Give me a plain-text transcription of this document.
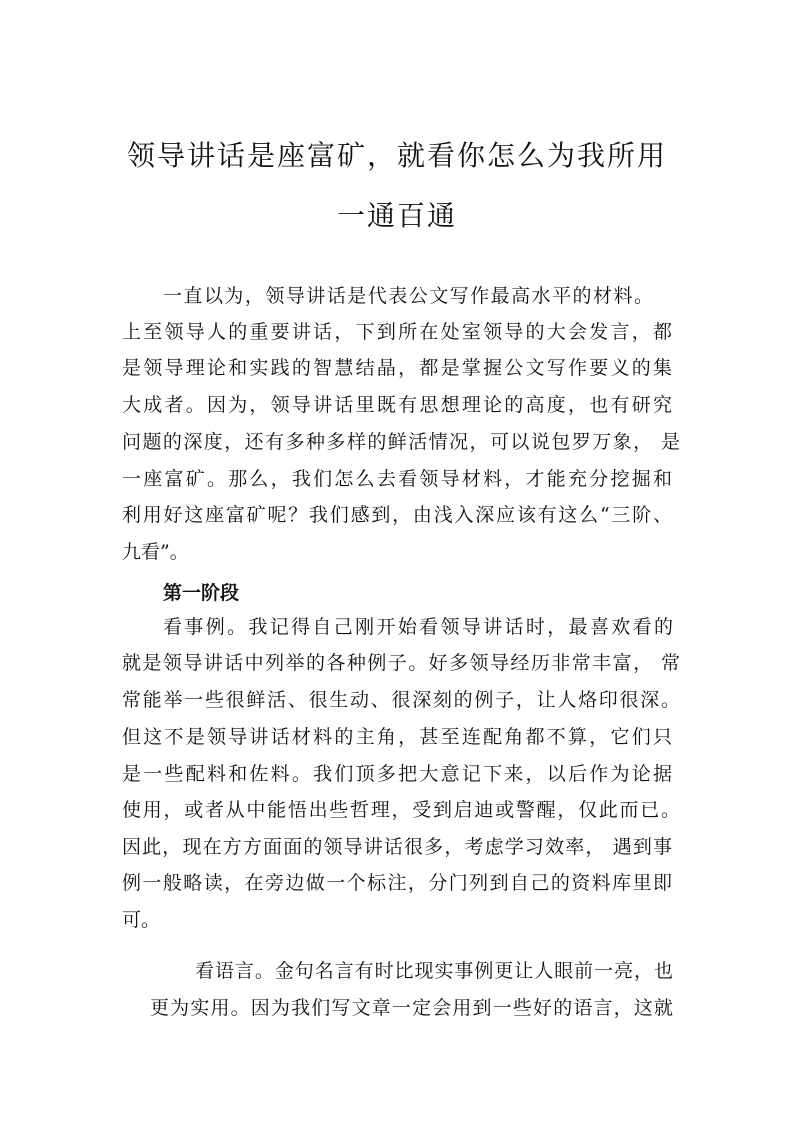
领导讲话是座富矿，就看你怎么为我所用
一通百通
一直以为，领导讲话是代表公文写作最高水平的材料。
上至领导人的重要讲话，下到所在处室领导的大会发言，都
是领导理论和实践的智慧结晶，都是掌握公文写作要义的集
大成者。因为，领导讲话里既有思想理论的高度，也有研究
问题的深度，还有多种多样的鲜活情况，可以说包罗万象， 是
一座富矿。那么，我们怎么去看领导材料，才能充分挖掘和
利用好这座富矿呢？我们感到，由浅入深应该有这么“三阶、
九看”。
第一阶段
看事例。我记得自己刚开始看领导讲话时，最喜欢看的
就是领导讲话中列举的各种例子。好多领导经历非常丰富， 常
常能举一些很鲜活、很生动、很深刻的例子，让人烙印很深。
但这不是领导讲话材料的主角，甚至连配角都不算，它们只
是一些配料和佐料。我们顶多把大意记下来，以后作为论据
使用，或者从中能悟出些哲理，受到启迪或警醒，仅此而已。
因此，现在方方面面的领导讲话很多，考虑学习效率， 遇到事
例一般略读，在旁边做一个标注，分门列到自己的资料库里即
可。
看语言。金句名言有时比现实事例更让人眼前一亮，也
更为实用。因为我们写文章一定会用到一些好的语言，这就
